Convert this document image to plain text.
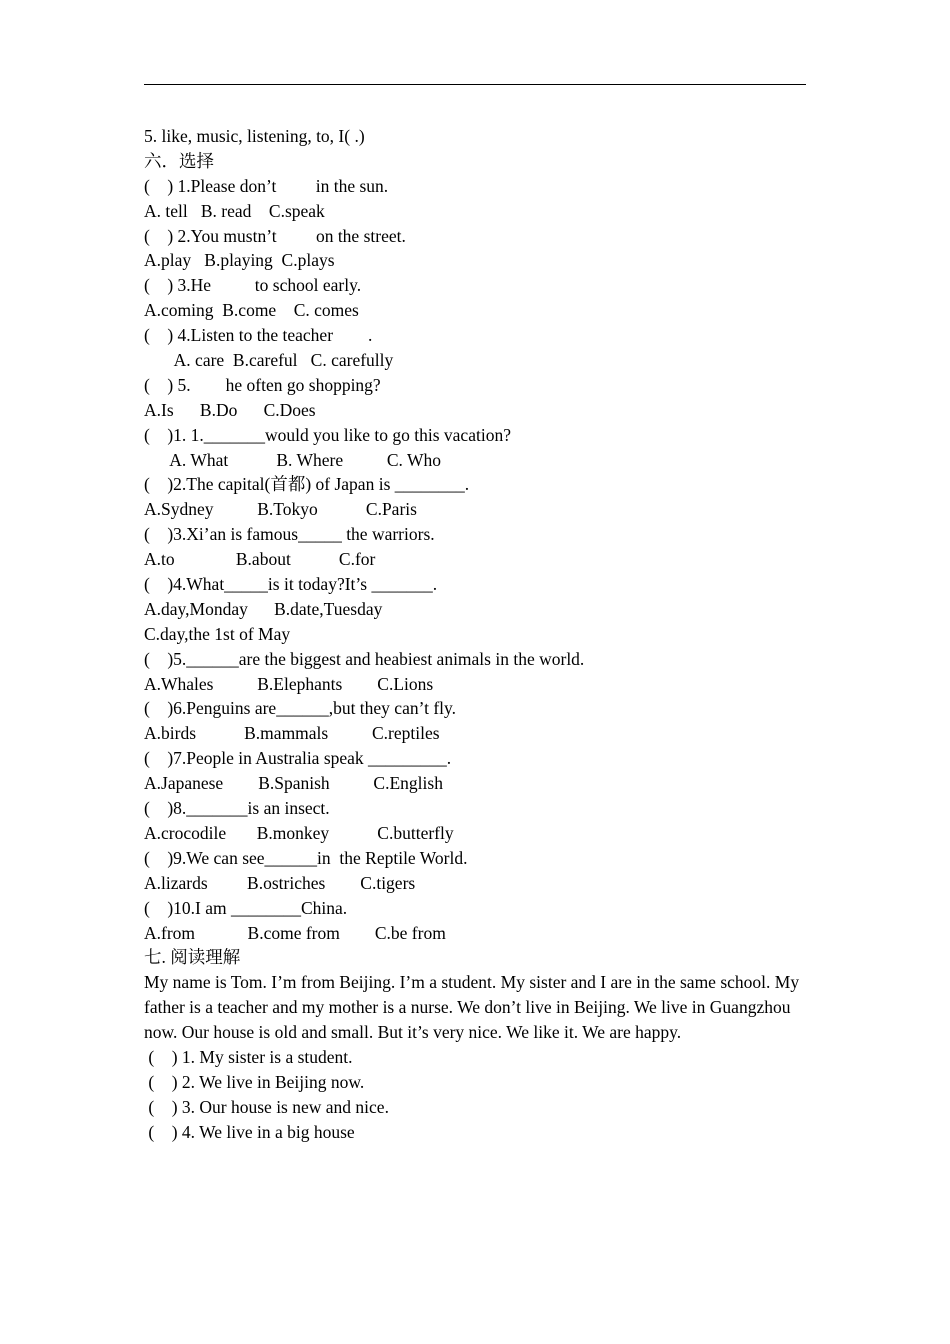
5. like, music, listening, to, I( .)
六．选择
(    ) 1.Please don’t         in the sun.
A. tell   B. read    C.speak
(    ) 2.You mustn’t         on the street.
A.play   B.playing  C.plays
(    ) 3.He          to school early.
A.coming  B.come    C. comes
(    ) 4.Listen to the teacher        .
A. care  B.careful   C. carefully
(    ) 5.        he often go shopping?
A.Is      B.Do      C.Does
(    )1. 1._______would you like to go this vacation?
A. What           B. Where          C. Who
(    )2.The capital(首都) of Japan is ________.
A.Sydney          B.Tokyo           C.Paris
(    )3.Xi’an is famous_____ the warriors.
A.to              B.about           C.for
(    )4.What_____is it today?It’s _______.
A.day,Monday      B.date,Tuesday
C.day,the 1st of May
(    )5.______are the biggest and heabiest animals in the world.
A.Whales          B.Elephants        C.Lions
(    )6.Penguins are______,but they can’t fly.
A.birds           B.mammals          C.reptiles
(    )7.People in Australia speak _________.
A.Japanese        B.Spanish          C.English
(    )8._______is an insect.
A.crocodile       B.monkey           C.butterfly
(    )9.We can see______in  the Reptile World.
A.lizards         B.ostriches        C.tigers
(    )10.I am ________China.
A.from            B.come from        C.be from
七. 阅读理解
My name is Tom. I’m from Beijing. I’m a student. My sister and I are in the same school. My father is a teacher and my mother is a nurse. We don’t live in Beijing. We live in Guangzhou now. Our house is old and small. But it’s very nice. We like it. We are happy.
(    ) 1. My sister is a student.
(    ) 2. We live in Beijing now.
(    ) 3. Our house is new and nice.
(    ) 4. We live in a big house
